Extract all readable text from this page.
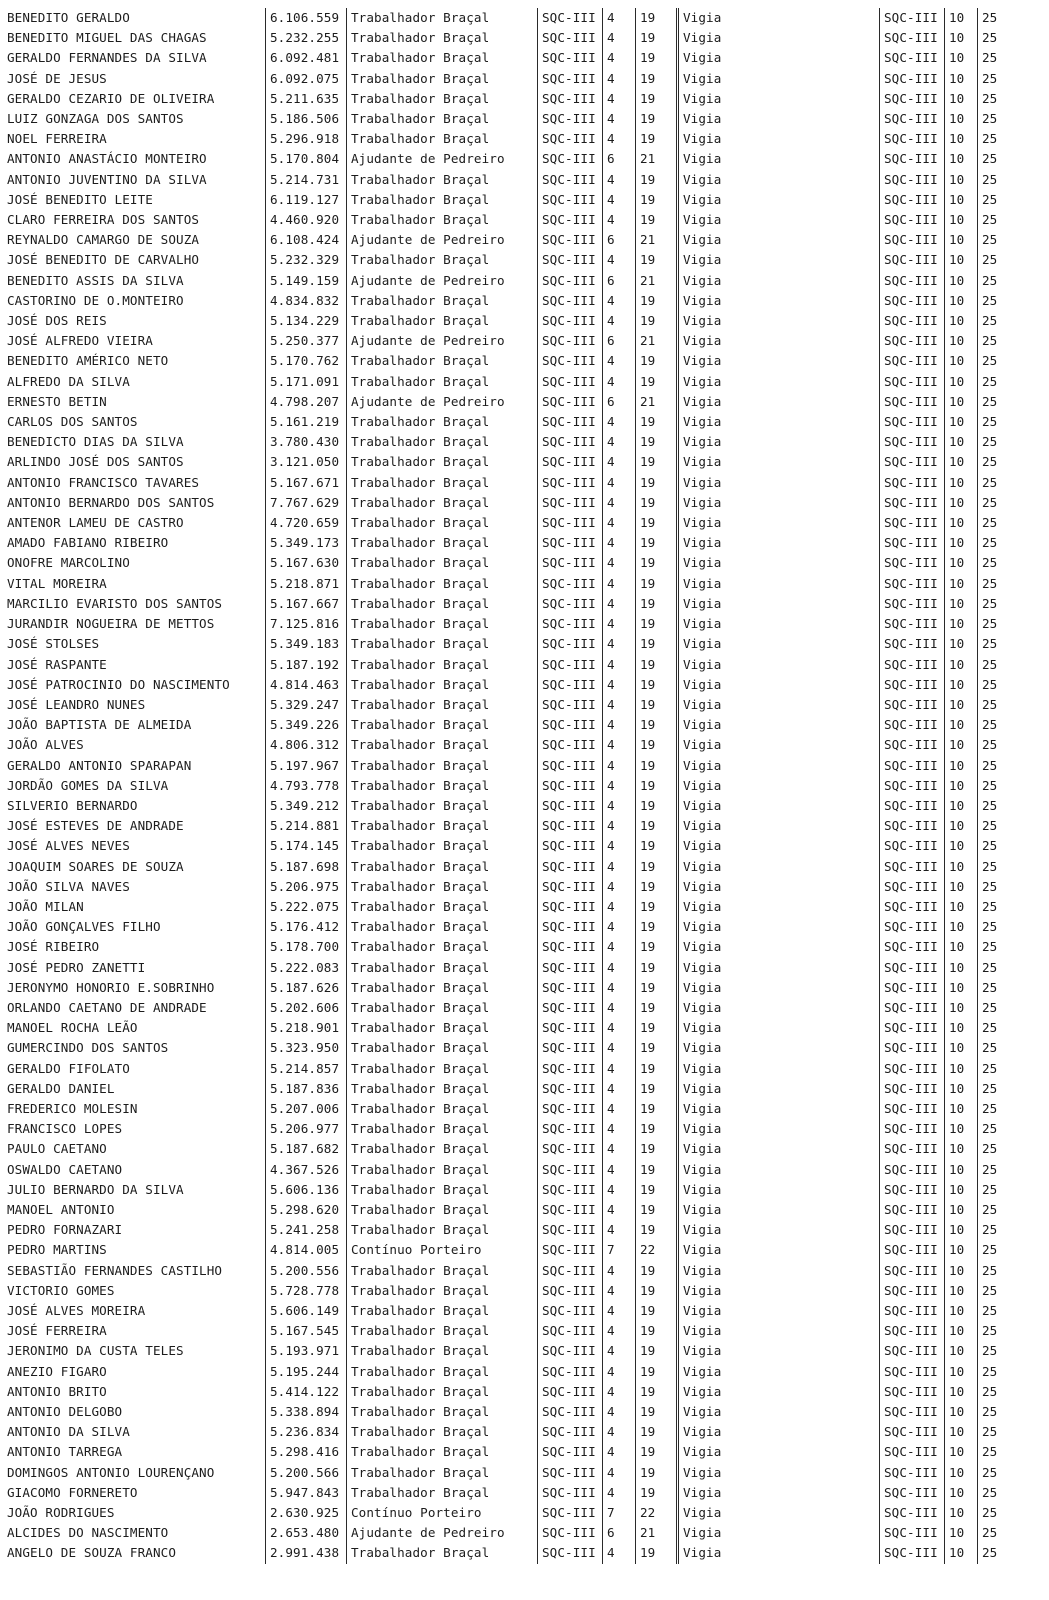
BENEDITO GERALDO	6.106.559	Trabalhador Braçal	SQC-III	4	19	Vigia	SQC-III	10	25
BENEDITO MIGUEL DAS CHAGAS	5.232.255	Trabalhador Braçal	SQC-III	4	19	Vigia	SQC-III	10	25
GERALDO FERNANDES DA SILVA	6.092.481	Trabalhador Braçal	SQC-III	4	19	Vigia	SQC-III	10	25
JOSÉ DE JESUS	6.092.075	Trabalhador Braçal	SQC-III	4	19	Vigia	SQC-III	10	25
GERALDO CEZARIO DE OLIVEIRA	5.211.635	Trabalhador Braçal	SQC-III	4	19	Vigia	SQC-III	10	25
LUIZ GONZAGA DOS SANTOS	5.186.506	Trabalhador Braçal	SQC-III	4	19	Vigia	SQC-III	10	25
NOEL FERREIRA	5.296.918	Trabalhador Braçal	SQC-III	4	19	Vigia	SQC-III	10	25
ANTONIO ANASTÁCIO MONTEIRO	5.170.804	Ajudante de Pedreiro	SQC-III	6	21	Vigia	SQC-III	10	25
ANTONIO JUVENTINO DA SILVA	5.214.731	Trabalhador Braçal	SQC-III	4	19	Vigia	SQC-III	10	25
JOSÉ BENEDITO LEITE	6.119.127	Trabalhador Braçal	SQC-III	4	19	Vigia	SQC-III	10	25
CLARO FERREIRA DOS SANTOS	4.460.920	Trabalhador Braçal	SQC-III	4	19	Vigia	SQC-III	10	25
REYNALDO CAMARGO DE SOUZA	6.108.424	Ajudante de Pedreiro	SQC-III	6	21	Vigia	SQC-III	10	25
JOSÉ BENEDITO DE CARVALHO	5.232.329	Trabalhador Braçal	SQC-III	4	19	Vigia	SQC-III	10	25
BENEDITO ASSIS DA SILVA	5.149.159	Ajudante de Pedreiro	SQC-III	6	21	Vigia	SQC-III	10	25
CASTORINO DE O.MONTEIRO	4.834.832	Trabalhador Braçal	SQC-III	4	19	Vigia	SQC-III	10	25
JOSÉ DOS REIS	5.134.229	Trabalhador Braçal	SQC-III	4	19	Vigia	SQC-III	10	25
JOSÉ ALFREDO VIEIRA	5.250.377	Ajudante de Pedreiro	SQC-III	6	21	Vigia	SQC-III	10	25
BENEDITO AMÉRICO NETO	5.170.762	Trabalhador Braçal	SQC-III	4	19	Vigia	SQC-III	10	25
ALFREDO DA SILVA	5.171.091	Trabalhador Braçal	SQC-III	4	19	Vigia	SQC-III	10	25
ERNESTO BETIN	4.798.207	Ajudante de Pedreiro	SQC-III	6	21	Vigia	SQC-III	10	25
CARLOS DOS SANTOS	5.161.219	Trabalhador Braçal	SQC-III	4	19	Vigia	SQC-III	10	25
BENEDICTO DIAS DA SILVA	3.780.430	Trabalhador Braçal	SQC-III	4	19	Vigia	SQC-III	10	25
ARLINDO JOSÉ DOS SANTOS	3.121.050	Trabalhador Braçal	SQC-III	4	19	Vigia	SQC-III	10	25
ANTONIO FRANCISCO TAVARES	5.167.671	Trabalhador Braçal	SQC-III	4	19	Vigia	SQC-III	10	25
ANTONIO BERNARDO DOS SANTOS	7.767.629	Trabalhador Braçal	SQC-III	4	19	Vigia	SQC-III	10	25
ANTENOR LAMEU DE CASTRO	4.720.659	Trabalhador Braçal	SQC-III	4	19	Vigia	SQC-III	10	25
AMADO FABIANO RIBEIRO	5.349.173	Trabalhador Braçal	SQC-III	4	19	Vigia	SQC-III	10	25
ONOFRE MARCOLINO	5.167.630	Trabalhador Braçal	SQC-III	4	19	Vigia	SQC-III	10	25
VITAL MOREIRA	5.218.871	Trabalhador Braçal	SQC-III	4	19	Vigia	SQC-III	10	25
MARCILIO EVARISTO DOS SANTOS	5.167.667	Trabalhador Braçal	SQC-III	4	19	Vigia	SQC-III	10	25
JURANDIR NOGUEIRA DE METTOS	7.125.816	Trabalhador Braçal	SQC-III	4	19	Vigia	SQC-III	10	25
JOSÉ STOLSES	5.349.183	Trabalhador Braçal	SQC-III	4	19	Vigia	SQC-III	10	25
JOSÉ RASPANTE	5.187.192	Trabalhador Braçal	SQC-III	4	19	Vigia	SQC-III	10	25
JOSÉ PATROCINIO DO NASCIMENTO	4.814.463	Trabalhador Braçal	SQC-III	4	19	Vigia	SQC-III	10	25
JOSÉ LEANDRO NUNES	5.329.247	Trabalhador Braçal	SQC-III	4	19	Vigia	SQC-III	10	25
JOÃO BAPTISTA DE ALMEIDA	5.349.226	Trabalhador Braçal	SQC-III	4	19	Vigia	SQC-III	10	25
JOÃO ALVES	4.806.312	Trabalhador Braçal	SQC-III	4	19	Vigia	SQC-III	10	25
GERALDO ANTONIO SPARAPAN	5.197.967	Trabalhador Braçal	SQC-III	4	19	Vigia	SQC-III	10	25
JORDÃO GOMES DA SILVA	4.793.778	Trabalhador Braçal	SQC-III	4	19	Vigia	SQC-III	10	25
SILVERIO BERNARDO	5.349.212	Trabalhador Braçal	SQC-III	4	19	Vigia	SQC-III	10	25
JOSÉ ESTEVES DE ANDRADE	5.214.881	Trabalhador Braçal	SQC-III	4	19	Vigia	SQC-III	10	25
JOSÉ ALVES NEVES	5.174.145	Trabalhador Braçal	SQC-III	4	19	Vigia	SQC-III	10	25
JOAQUIM SOARES DE SOUZA	5.187.698	Trabalhador Braçal	SQC-III	4	19	Vigia	SQC-III	10	25
JOÃO SILVA NAVES	5.206.975	Trabalhador Braçal	SQC-III	4	19	Vigia	SQC-III	10	25
JOÃO MILAN	5.222.075	Trabalhador Braçal	SQC-III	4	19	Vigia	SQC-III	10	25
JOÃO GONÇALVES FILHO	5.176.412	Trabalhador Braçal	SQC-III	4	19	Vigia	SQC-III	10	25
JOSÉ RIBEIRO	5.178.700	Trabalhador Braçal	SQC-III	4	19	Vigia	SQC-III	10	25
JOSÉ PEDRO ZANETTI	5.222.083	Trabalhador Braçal	SQC-III	4	19	Vigia	SQC-III	10	25
JERONYMO HONORIO E.SOBRINHO	5.187.626	Trabalhador Braçal	SQC-III	4	19	Vigia	SQC-III	10	25
ORLANDO CAETANO DE ANDRADE	5.202.606	Trabalhador Braçal	SQC-III	4	19	Vigia	SQC-III	10	25
MANOEL ROCHA LEÃO	5.218.901	Trabalhador Braçal	SQC-III	4	19	Vigia	SQC-III	10	25
GUMERCINDO DOS SANTOS	5.323.950	Trabalhador Braçal	SQC-III	4	19	Vigia	SQC-III	10	25
GERALDO FIFOLATO	5.214.857	Trabalhador Braçal	SQC-III	4	19	Vigia	SQC-III	10	25
GERALDO DANIEL	5.187.836	Trabalhador Braçal	SQC-III	4	19	Vigia	SQC-III	10	25
FREDERICO MOLESIN	5.207.006	Trabalhador Braçal	SQC-III	4	19	Vigia	SQC-III	10	25
FRANCISCO LOPES	5.206.977	Trabalhador Braçal	SQC-III	4	19	Vigia	SQC-III	10	25
PAULO CAETANO	5.187.682	Trabalhador Braçal	SQC-III	4	19	Vigia	SQC-III	10	25
OSWALDO CAETANO	4.367.526	Trabalhador Braçal	SQC-III	4	19	Vigia	SQC-III	10	25
JULIO BERNARDO DA SILVA	5.606.136	Trabalhador Braçal	SQC-III	4	19	Vigia	SQC-III	10	25
MANOEL ANTONIO	5.298.620	Trabalhador Braçal	SQC-III	4	19	Vigia	SQC-III	10	25
PEDRO FORNAZARI	5.241.258	Trabalhador Braçal	SQC-III	4	19	Vigia	SQC-III	10	25
PEDRO MARTINS	4.814.005	Contínuo Porteiro	SQC-III	7	22	Vigia	SQC-III	10	25
SEBASTIÃO FERNANDES CASTILHO	5.200.556	Trabalhador Braçal	SQC-III	4	19	Vigia	SQC-III	10	25
VICTORIO GOMES	5.728.778	Trabalhador Braçal	SQC-III	4	19	Vigia	SQC-III	10	25
JOSÉ ALVES MOREIRA	5.606.149	Trabalhador Braçal	SQC-III	4	19	Vigia	SQC-III	10	25
JOSÉ FERREIRA	5.167.545	Trabalhador Braçal	SQC-III	4	19	Vigia	SQC-III	10	25
JERONIMO DA CUSTA TELES	5.193.971	Trabalhador Braçal	SQC-III	4	19	Vigia	SQC-III	10	25
ANEZIO FIGARO	5.195.244	Trabalhador Braçal	SQC-III	4	19	Vigia	SQC-III	10	25
ANTONIO BRITO	5.414.122	Trabalhador Braçal	SQC-III	4	19	Vigia	SQC-III	10	25
ANTONIO DELGOBO	5.338.894	Trabalhador Braçal	SQC-III	4	19	Vigia	SQC-III	10	25
ANTONIO DA SILVA	5.236.834	Trabalhador Braçal	SQC-III	4	19	Vigia	SQC-III	10	25
ANTONIO TARREGA	5.298.416	Trabalhador Braçal	SQC-III	4	19	Vigia	SQC-III	10	25
DOMINGOS ANTONIO LOURENÇANO	5.200.566	Trabalhador Braçal	SQC-III	4	19	Vigia	SQC-III	10	25
GIACOMO FORNERETO	5.947.843	Trabalhador Braçal	SQC-III	4	19	Vigia	SQC-III	10	25
JOÃO RODRIGUES	2.630.925	Contínuo Porteiro	SQC-III	7	22	Vigia	SQC-III	10	25
ALCIDES DO NASCIMENTO	2.653.480	Ajudante de Pedreiro	SQC-III	6	21	Vigia	SQC-III	10	25
ANGELO DE SOUZA FRANCO	2.991.438	Trabalhador Braçal	SQC-III	4	19	Vigia	SQC-III	10	25
